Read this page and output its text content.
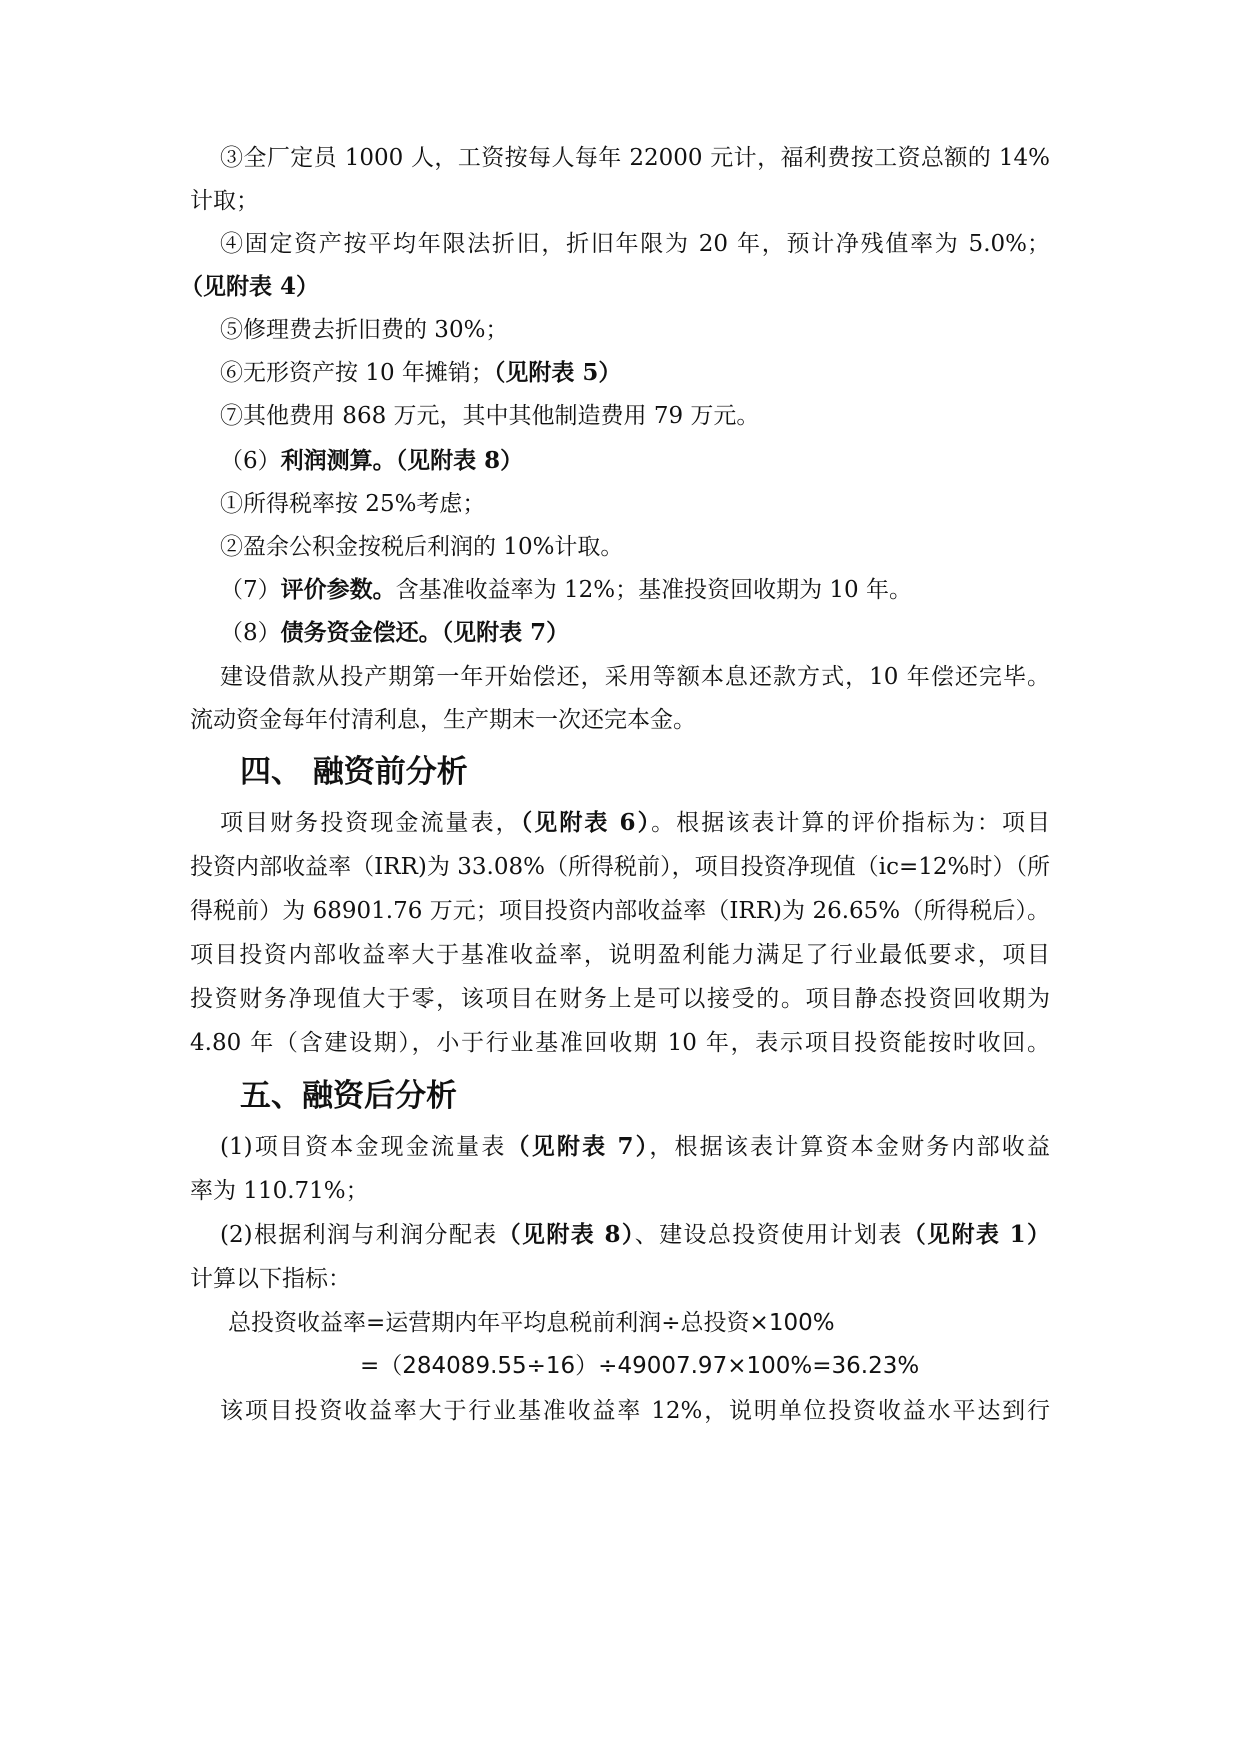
③全厂定员 1000 人，工资按每人每年 22000 元计，福利费按工资总额的 14%
计取；
④固定资产按平均年限法折旧，折旧年限为 20 年，预计净残值率为 5.0%；
（见附表 4）
⑤修理费去折旧费的 30%；
⑥无形资产按 10 年摊销；（见附表 5）
⑦其他费用 868 万元，其中其他制造费用 79 万元。
（6）利润测算。（见附表 8）
①所得税率按 25%考虑；
②盈余公积金按税后利润的 10%计取。
（7）评价参数。含基准收益率为 12%；基准投资回收期为 10 年。
（8）债务资金偿还。（见附表 7）
建设借款从投产期第一年开始偿还，采用等额本息还款方式，10 年偿还完毕。
流动资金每年付清利息，生产期末一次还完本金。
四、 融资前分析
项目财务投资现金流量表，（见附表 6）。根据该表计算的评价指标为：项目
投资内部收益率（IRR)为 33.08%（所得税前），项目投资净现值（ic=12%时）（所
得税前）为 68901.76 万元；项目投资内部收益率（IRR)为 26.65%（所得税后）。
项目投资内部收益率大于基准收益率，说明盈利能力满足了行业最低要求，项目
投资财务净现值大于零，该项目在财务上是可以接受的。项目静态投资回收期为
4.80 年（含建设期），小于行业基准回收期 10 年，表示项目投资能按时收回。
五、融资后分析
(1)项目资本金现金流量表（见附表 7），根据该表计算资本金财务内部收益
率为 110.71%；
(2)根据利润与利润分配表（见附表 8）、建设总投资使用计划表（见附表 1）
计算以下指标：
总投资收益率=运营期内年平均息税前利润÷总投资×100%
=（284089.55÷16）÷49007.97×100%=36.23%
该项目投资收益率大于行业基准收益率 12%，说明单位投资收益水平达到行
